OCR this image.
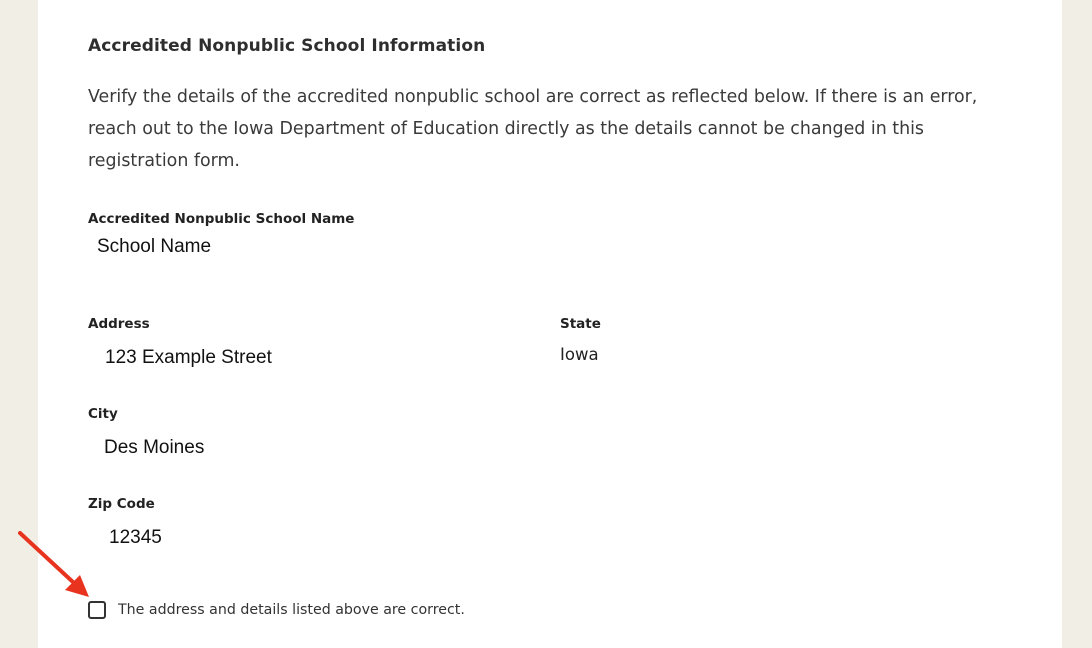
Accredited Nonpublic School Information

Verify the details of the accredited nonpublic school are correct as reflected below. If there is an error, reach out to the Iowa Department of Education directly as the details cannot be changed in this registration form.

Accredited Nonpublic School Name

School Name

Address

123 Example Street

State

Iowa

City

Des Moines

Zip Code

12345

The address and details listed above are correct.
